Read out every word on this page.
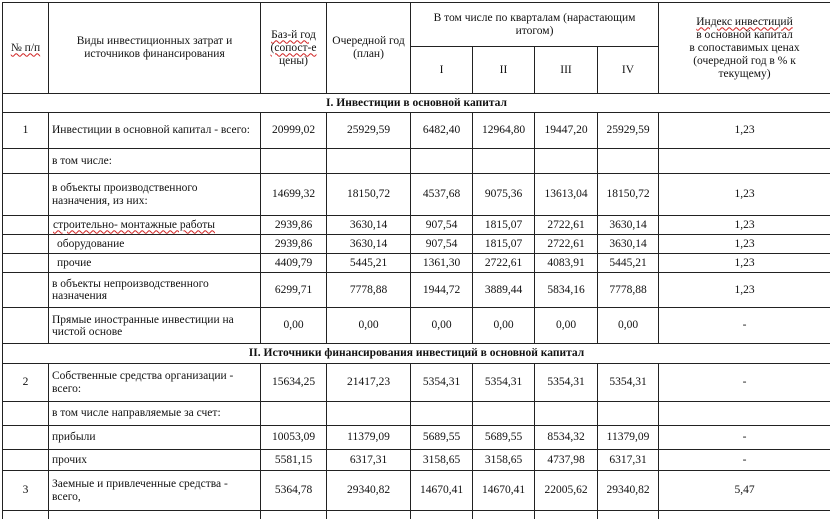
№ п/п	Виды инвестиционных затрат и источников финансирования	Баз-й год
(сопост-е
цены)	Очередной год (план)	В том числе по кварталам (нарастающим итогом)				Индекс инвестиций
в основной капитал
в сопоставимых ценах
(очередной год в % к
текущему)

				I	II	III	IV	
I. Инвестиции в основной капитал								
1	Инвестиции в основной капитал - всего:	20999,02	25929,59	6482,40	12964,80	19447,20	25929,59	1,23
	в том числе:							
	в объекты производственного назначения, из них:	14699,32	18150,72	4537,68	9075,36	13613,04	18150,72	1,23
	строительно- монтажные работы	2939,86	3630,14	907,54	1815,07	2722,61	3630,14	1,23
	оборудование	2939,86	3630,14	907,54	1815,07	2722,61	3630,14	1,23
	прочие	4409,79	5445,21	1361,30	2722,61	4083,91	5445,21	1,23
	в объекты непроизводственного назначения	6299,71	7778,88	1944,72	3889,44	5834,16	7778,88	1,23
	Прямые иностранные инвестиции на чистой основе	0,00	0,00	0,00	0,00	0,00	0,00	-
II. Источники финансирования инвестиций в основной капитал								
2	Собственные средства организации - всего:	15634,25	21417,23	5354,31	5354,31	5354,31	5354,31	-
	в том числе направляемые за счет:							
	прибыли	10053,09	11379,09	5689,55	5689,55	8534,32	11379,09	-
	прочих	5581,15	6317,31	3158,65	3158,65	4737,98	6317,31	-
3	Заемные и привлеченные средства - всего,	5364,78	29340,82	14670,41	14670,41	22005,62	29340,82	5,47
